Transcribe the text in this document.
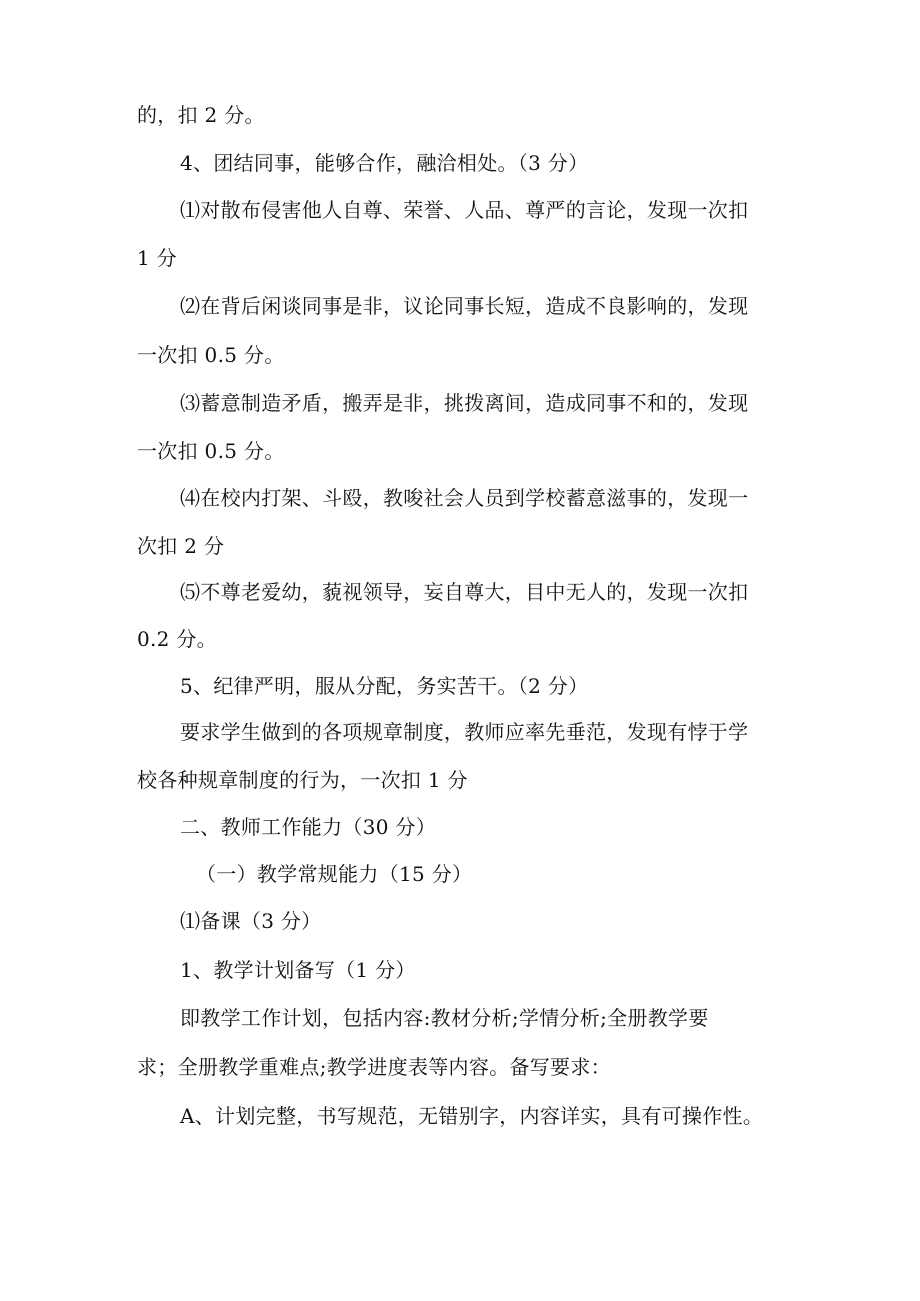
的，扣 2 分。
4、团结同事，能够合作，融洽相处。（3 分）
⑴对散布侵害他人自尊、荣誉、人品、尊严的言论，发现一次扣
1 分
⑵在背后闲谈同事是非，议论同事长短，造成不良影响的，发现
一次扣 0.5 分。
⑶蓄意制造矛盾，搬弄是非，挑拨离间，造成同事不和的，发现
一次扣 0.5 分。
⑷在校内打架、斗殴，教唆社会人员到学校蓄意滋事的，发现一
次扣 2 分
⑸不尊老爱幼，藐视领导，妄自尊大，目中无人的，发现一次扣
0.2 分。
5、纪律严明，服从分配，务实苦干。（2 分）
要求学生做到的各项规章制度，教师应率先垂范，发现有悖于学
校各种规章制度的行为，一次扣 1 分
二、教师工作能力（30 分）
（一）教学常规能力（15 分）
⑴备课（3 分）
1、教学计划备写（1 分）
即教学工作计划，包括内容:教材分析;学情分析;全册教学要
求；全册教学重难点;教学进度表等内容。备写要求：
A、计划完整，书写规范，无错别字，内容详实，具有可操作性。
